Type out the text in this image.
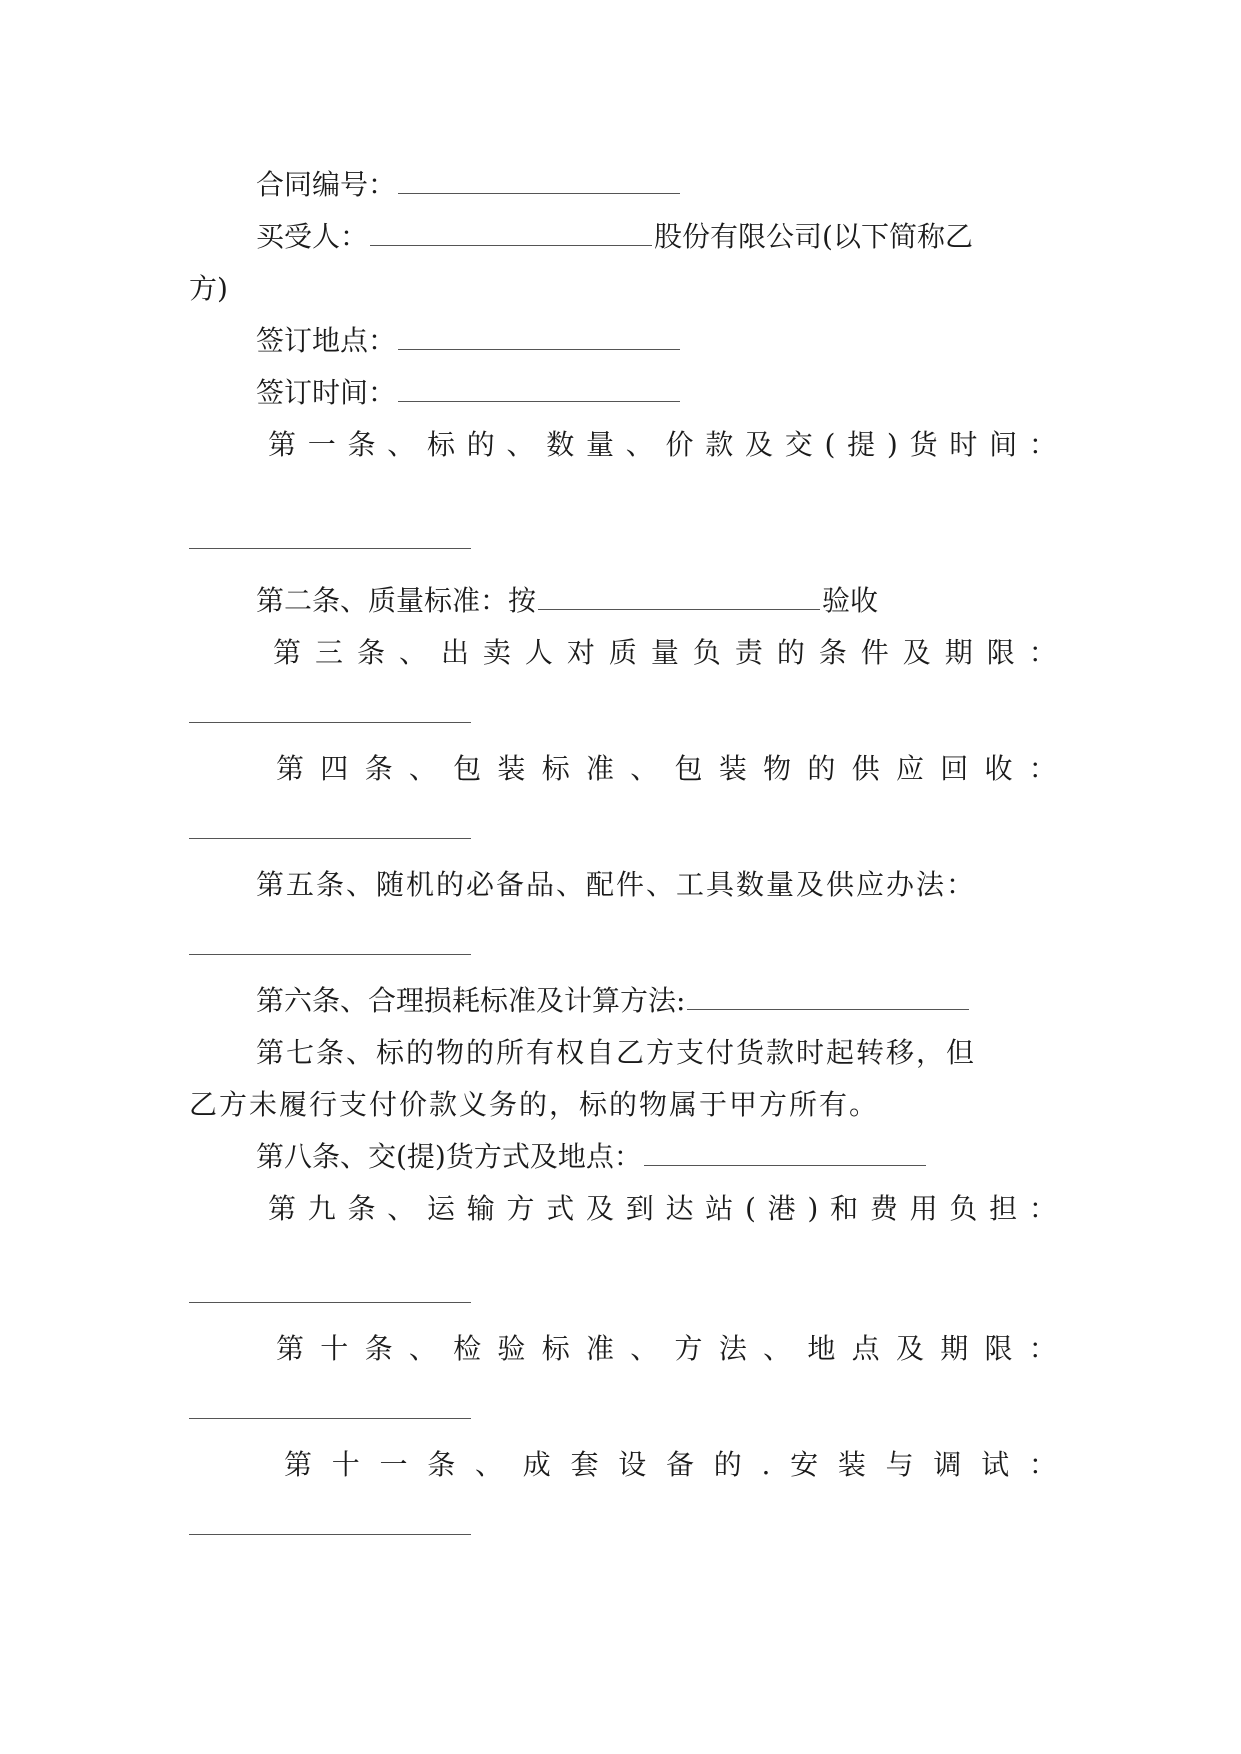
合同编号：
买受人：	股份有限公司(以下简称乙
方)
签订地点：
签订时间：
第 一 条 、 标 的 、 数 量 、 价 款 及 交 ( 提 ) 货 时 间 ：
第二条、质量标准：按	验收
第 三 条 、 出 卖 人 对 质 量 负 责 的 条 件 及 期 限 ：
第 四 条 、 包 装 标 准 、 包 装 物 的 供 应 回 收 ：
第五条、随机的必备品、配件、工具数量及供应办法：
第六条、合理损耗标准及计算方法:
第七条、标的物的所有权自乙方支付货款时起转移，但
乙方未履行支付价款义务的，标的物属于甲方所有。
第八条、交(提)货方式及地点：
第 九 条 、 运 输 方 式 及 到 达 站 ( 港 ) 和 费 用 负 担 ：
第 十 条 、 检 验 标 准 、 方 法 、 地 点 及 期 限 ：
第 十 一 条 、 成 套 设 备 的 . 安 装 与 调 试 ：
